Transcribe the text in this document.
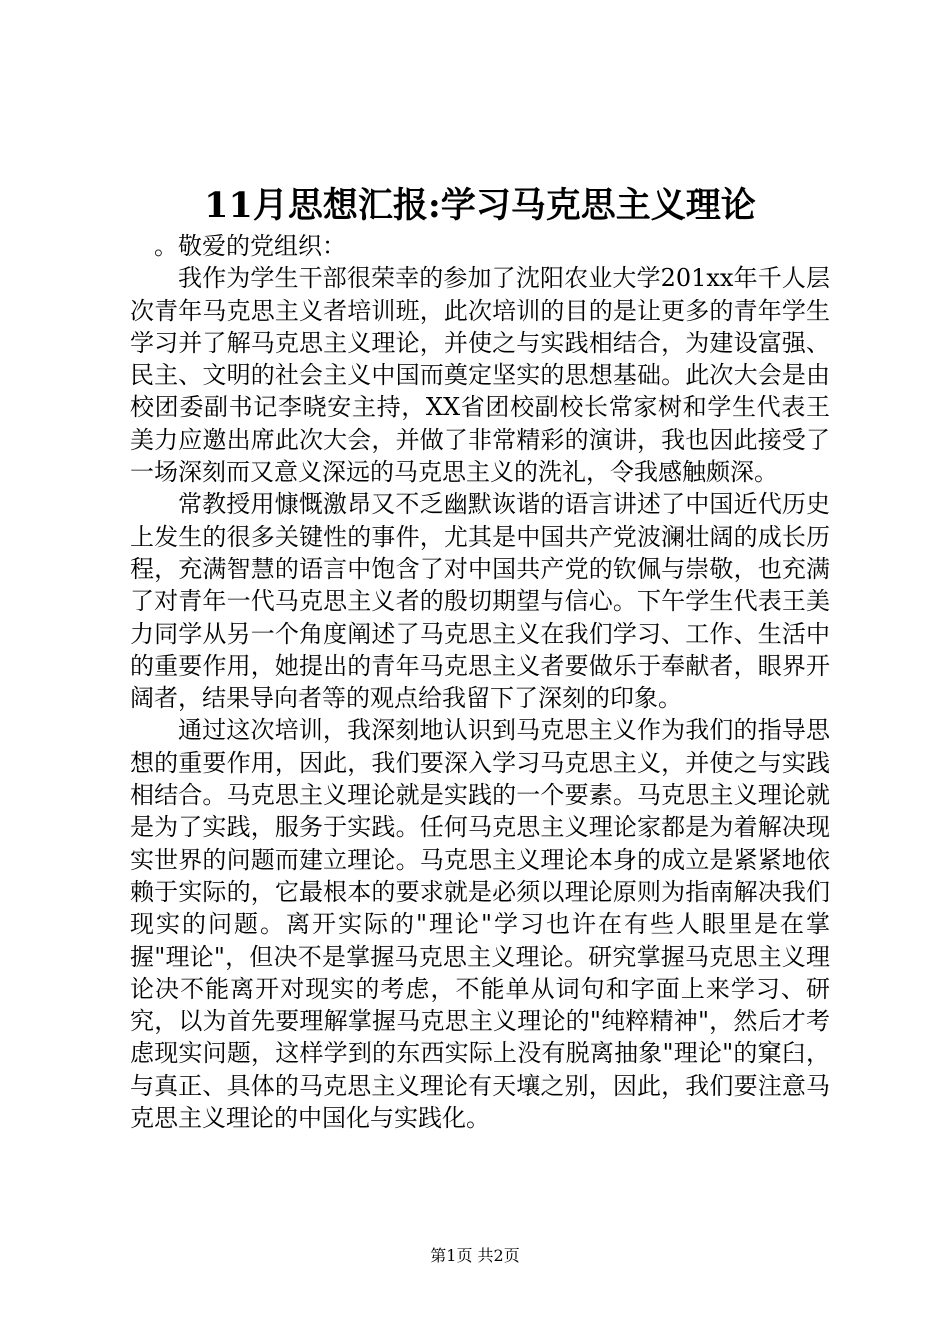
11月思想汇报:学习马克思主义理论

。敬爱的党组织：

我作为学生干部很荣幸的参加了沈阳农业大学201xx年千人层次青年马克思主义者培训班，此次培训的目的是让更多的青年学生学习并了解马克思主义理论，并使之与实践相结合，为建设富强、民主、文明的社会主义中国而奠定坚实的思想基础。此次大会是由校团委副书记李晓安主持，XX省团校副校长常家树和学生代表王美力应邀出席此次大会，并做了非常精彩的演讲，我也因此接受了一场深刻而又意义深远的马克思主义的洗礼，令我感触颇深。

常教授用慷慨激昂又不乏幽默诙谐的语言讲述了中国近代历史上发生的很多关键性的事件，尤其是中国共产党波澜壮阔的成长历程，充满智慧的语言中饱含了对中国共产党的钦佩与崇敬，也充满了对青年一代马克思主义者的殷切期望与信心。下午学生代表王美力同学从另一个角度阐述了马克思主义在我们学习、工作、生活中的重要作用，她提出的青年马克思主义者要做乐于奉献者，眼界开阔者，结果导向者等的观点给我留下了深刻的印象。

通过这次培训，我深刻地认识到马克思主义作为我们的指导思想的重要作用，因此，我们要深入学习马克思主义，并使之与实践相结合。马克思主义理论就是实践的一个要素。马克思主义理论就是为了实践，服务于实践。任何马克思主义理论家都是为着解决现实世界的问题而建立理论。马克思主义理论本身的成立是紧紧地依赖于实际的，它最根本的要求就是必须以理论原则为指南解决我们现实的问题。离开实际的"理论"学习也许在有些人眼里是在掌握"理论"，但决不是掌握马克思主义理论。研究掌握马克思主义理论决不能离开对现实的考虑，不能单从词句和字面上来学习、研究，以为首先要理解掌握马克思主义理论的"纯粹精神"，然后才考虑现实问题，这样学到的东西实际上没有脱离抽象"理论"的窠臼，与真正、具体的马克思主义理论有天壤之别，因此，我们要注意马克思主义理论的中国化与实践化。

第1页 共2页
